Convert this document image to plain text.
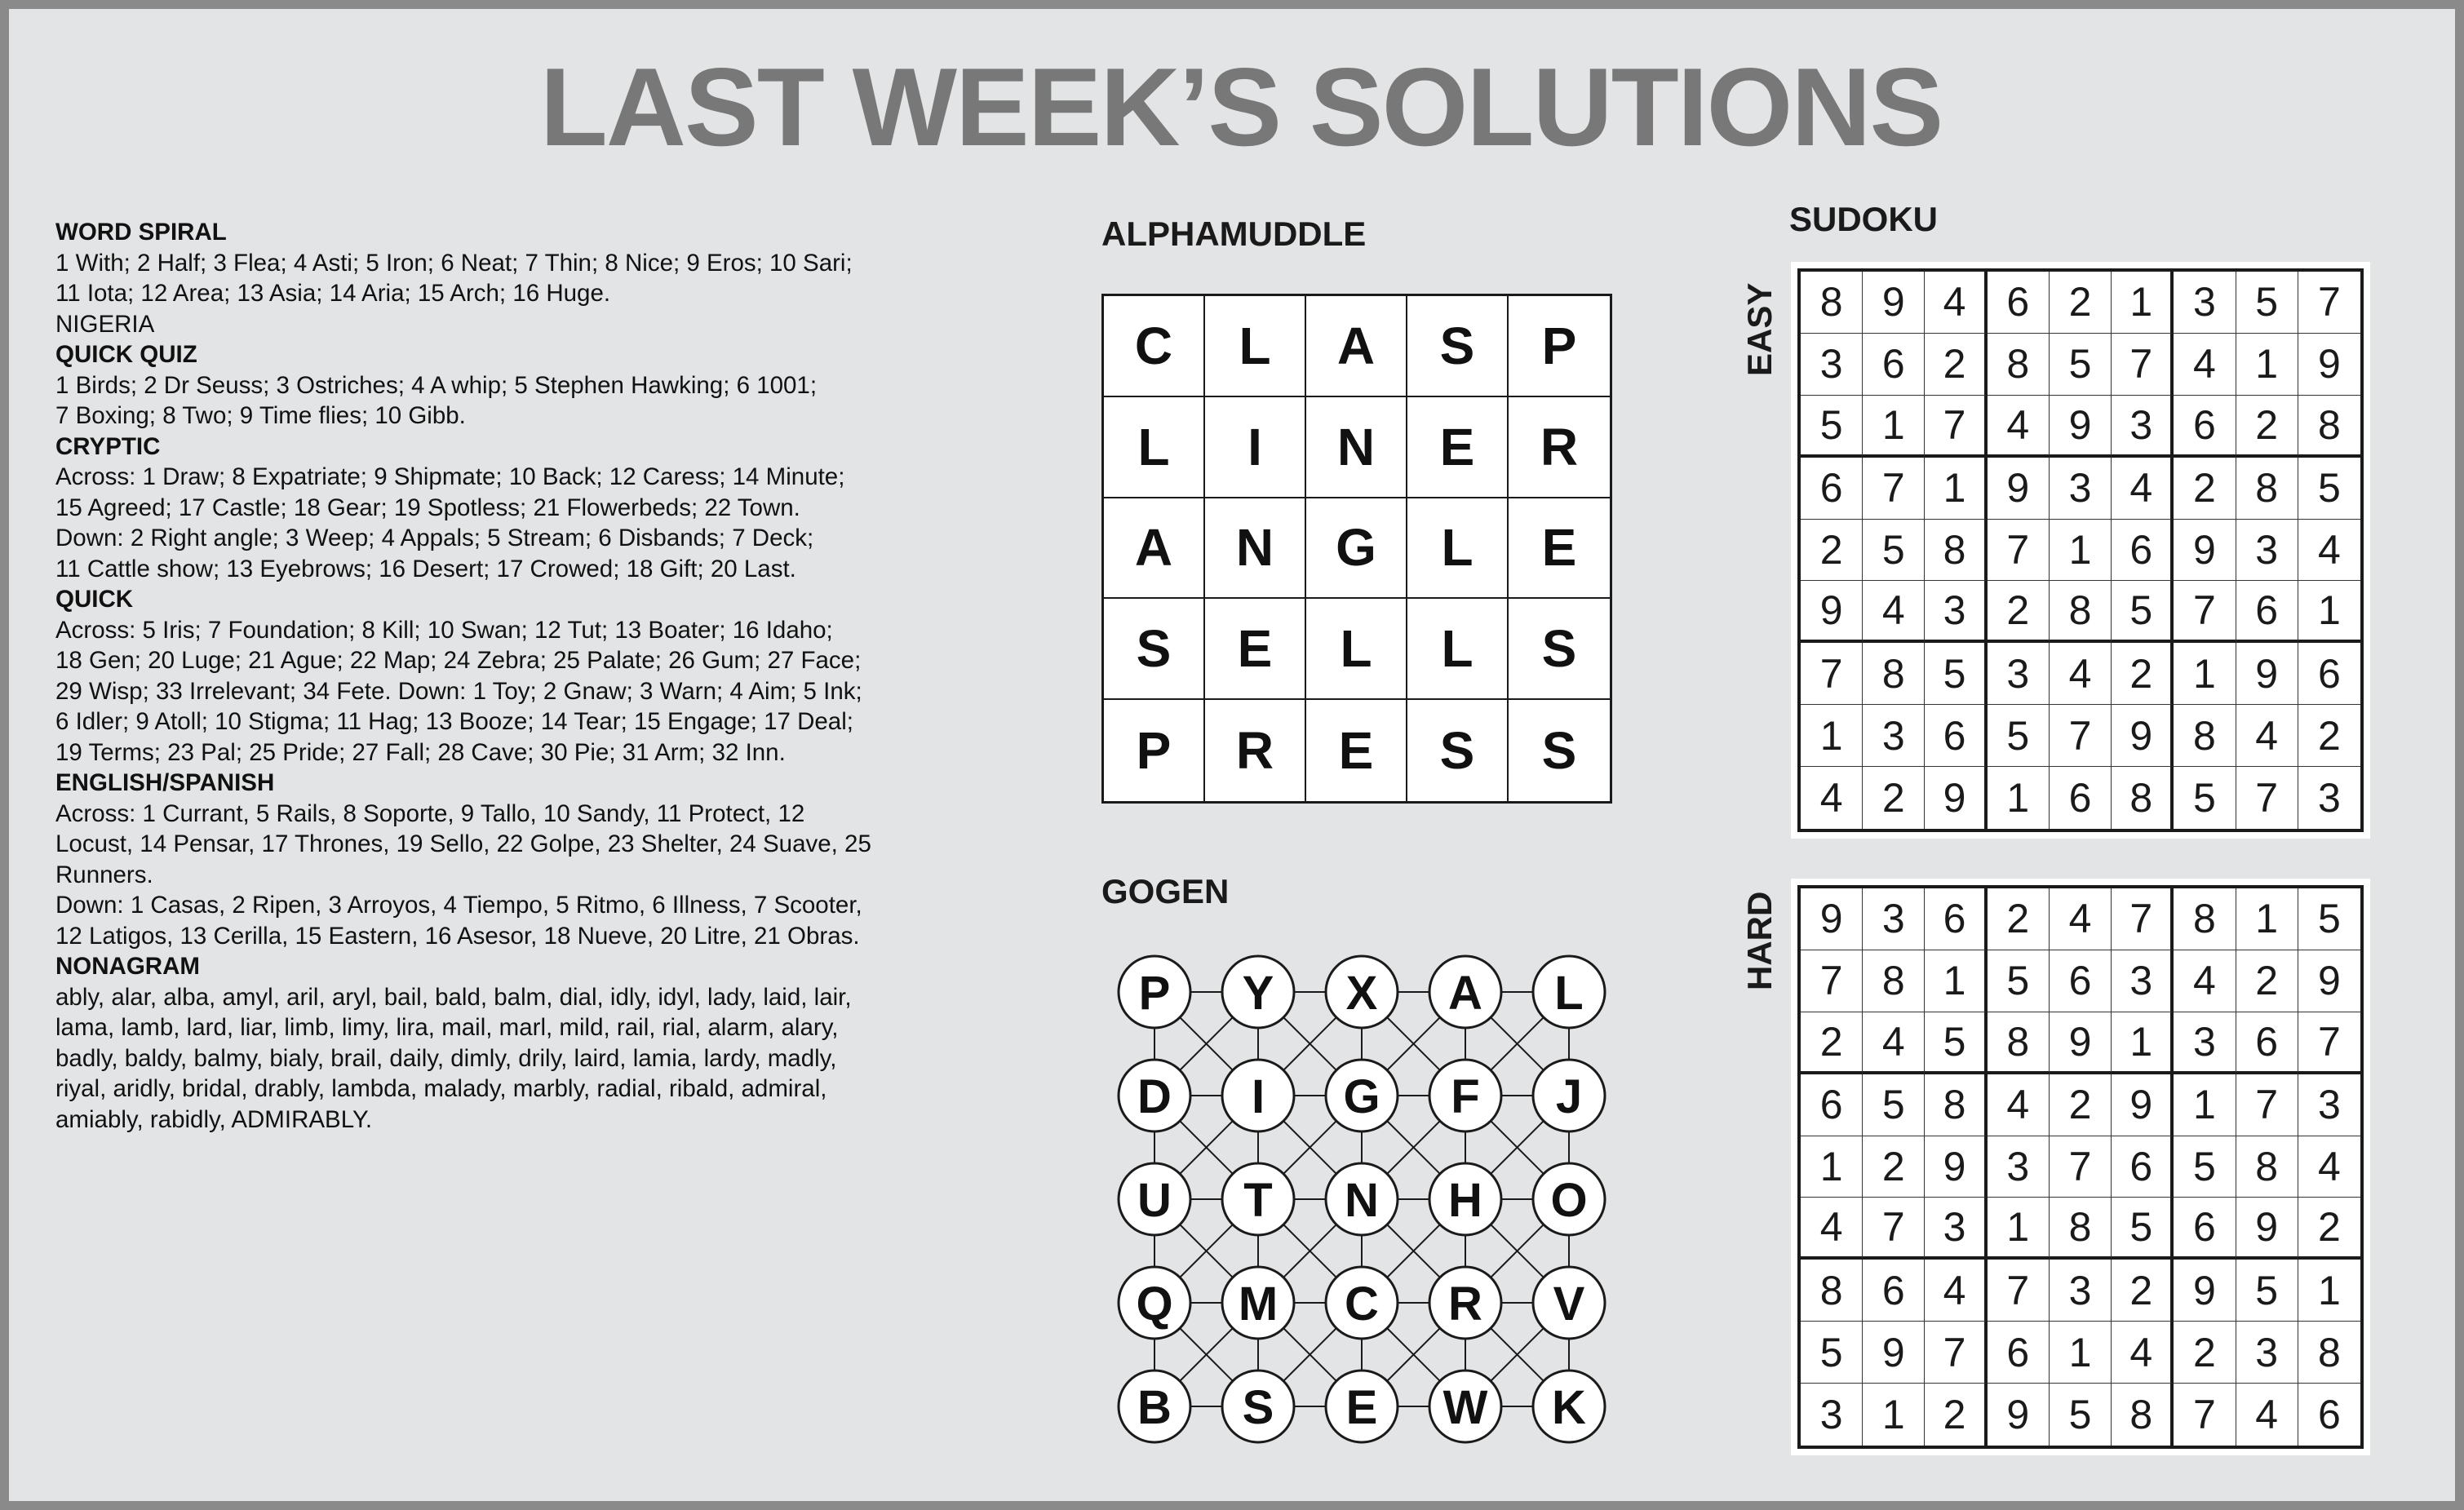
LAST WEEK’S SOLUTIONS

WORD SPIRAL

1 With; 2 Half; 3 Flea; 4 Asti; 5 Iron; 6 Neat; 7 Thin; 8 Nice; 9 Eros; 10 Sari;

11 Iota; 12 Area; 13 Asia; 14 Aria; 15 Arch; 16 Huge.

NIGERIA

QUICK QUIZ

1 Birds; 2 Dr Seuss; 3 Ostriches; 4 A whip; 5 Stephen Hawking; 6 1001;

7 Boxing; 8 Two; 9 Time flies; 10 Gibb.

CRYPTIC

Across: 1 Draw; 8 Expatriate; 9 Shipmate; 10 Back; 12 Caress; 14 Minute;

15 Agreed; 17 Castle; 18 Gear; 19 Spotless; 21 Flowerbeds; 22 Town.

Down: 2 Right angle; 3 Weep; 4 Appals; 5 Stream; 6 Disbands; 7 Deck;

11 Cattle show; 13 Eyebrows; 16 Desert; 17 Crowed; 18 Gift; 20 Last.

QUICK

Across: 5 Iris; 7 Foundation; 8 Kill; 10 Swan; 12 Tut; 13 Boater; 16 Idaho;

18 Gen; 20 Luge; 21 Ague; 22 Map; 24 Zebra; 25 Palate; 26 Gum; 27 Face;

29 Wisp; 33 Irrelevant; 34 Fete. Down: 1 Toy; 2 Gnaw; 3 Warn; 4 Aim; 5 Ink;

6 Idler; 9 Atoll; 10 Stigma; 11 Hag; 13 Booze; 14 Tear; 15 Engage; 17 Deal;

19 Terms; 23 Pal; 25 Pride; 27 Fall; 28 Cave; 30 Pie; 31 Arm; 32 Inn.

ENGLISH/SPANISH

Across: 1 Currant, 5 Rails, 8 Soporte, 9 Tallo, 10 Sandy, 11 Protect, 12

Locust, 14 Pensar, 17 Thrones, 19 Sello, 22 Golpe, 23 Shelter, 24 Suave, 25

Runners.

Down: 1 Casas, 2 Ripen, 3 Arroyos, 4 Tiempo, 5 Ritmo, 6 Illness, 7 Scooter,

12 Latigos, 13 Cerilla, 15 Eastern, 16 Asesor, 18 Nueve, 20 Litre, 21 Obras.

NONAGRAM

ably, alar, alba, amyl, aril, aryl, bail, bald, balm, dial, idly, idyl, lady, laid, lair,

lama, lamb, lard, liar, limb, limy, lira, mail, marl, mild, rail, rial, alarm, alary,

badly, baldy, balmy, bialy, brail, daily, dimly, drily, laird, lamia, lardy, madly,

riyal, aridly, bridal, drably, lambda, malady, marbly, radial, ribald, admiral,

amiably, rabidly, ADMIRABLY.

ALPHAMUDDLE
C	L	A	S	P
L	I	N	E	R
A	N	G	L	E
S	E	L	L	S
P	R	E	S	S
GOGEN
P Y X A L
D I G F J
U T N H O
Q M C R V
B S E W K
SUDOKU
EASY	8 9 4 6 2 1 3 5 7
3 6 2 8 5 7 4 1 9
5 1 7 4 9 3 6 2 8
6 7 1 9 3 4 2 8 5
2 5 8 7 1 6 9 3 4
9 4 3 2 8 5 7 6 1
7 8 5 3 4 2 1 9 6
1 3 6 5 7 9 8 4 2
4 2 9 1 6 8 5 7 3
HARD	9 3 6 2 4 7 8 1 5
7 8 1 5 6 3 4 2 9
2 4 5 8 9 1 3 6 7
6 5 8 4 2 9 1 7 3
1 2 9 3 7 6 5 8 4
4 7 3 1 8 5 6 9 2
8 6 4 7 3 2 9 5 1
5 9 7 6 1 4 2 3 8
3 1 2 9 5 8 7 4 6
